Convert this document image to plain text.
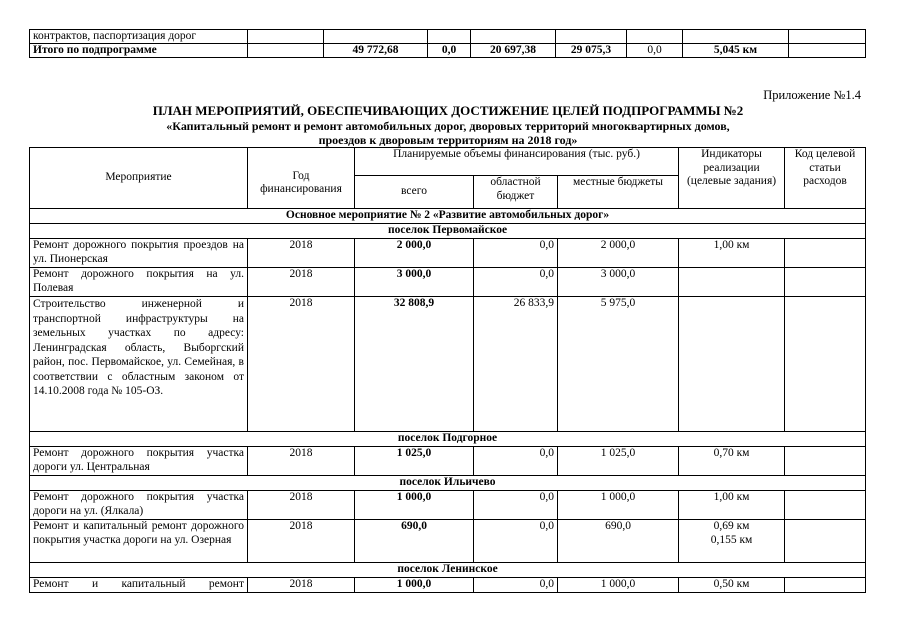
контрактов, паспортизация дорог								
Итого по подпрограмме		49 772,68	0,0	20 697,38	29 075,3	0,0	5,045 км	
Приложение №1.4
ПЛАН МЕРОПРИЯТИЙ, ОБЕСПЕЧИВАЮЩИХ ДОСТИЖЕНИЕ ЦЕЛЕЙ ПОДПРОГРАММЫ №2
«Капитальный ремонт и ремонт автомобильных дорог, дворовых территорий многоквартирных домов,
проездов к дворовым территориям на 2018 год»
Мероприятие	Год финансирования	Планируемые объемы финансирования (тыс. руб.)			Индикаторы реализации (целевые задания)	Код целевой статьи расходов
		всего	областной бюджет	местные бюджеты		
Основное мероприятие № 2 «Развитие автомобильных дорог»						
поселок Первомайское						
Ремонт дорожного покрытия проездов на ул. Пионерская	2018	2 000,0	0,0	2 000,0	1,00 км	
Ремонт дорожного покрытия на ул. Полевая	2018	3 000,0	0,0	3 000,0		
Строительство инженерной и транспортной инфраструктуры на земельных участках по адресу: Ленинградская область, Выборгский район, пос. Первомайское, ул. Семейная, в соответствии с областным законом от 14.10.2008 года № 105-ОЗ.	2018	32 808,9	26 833,9	5 975,0		
поселок Подгорное						
Ремонт дорожного покрытия участка дороги ул. Центральная	2018	1 025,0	0,0	1 025,0	0,70 км	
поселок Ильичево						
Ремонт дорожного покрытия участка дороги на ул. (Ялкала)	2018	1 000,0	0,0	1 000,0	1,00 км	
Ремонт и капитальный ремонт дорожного покрытия участка дороги на ул. Озерная	2018	690,0	0,0	690,0	0,69 км
0,155 км	

поселок Ленинское						
Ремонт и капитальный ремонт	2018	1 000,0	0,0	1 000,0	0,50 км	
